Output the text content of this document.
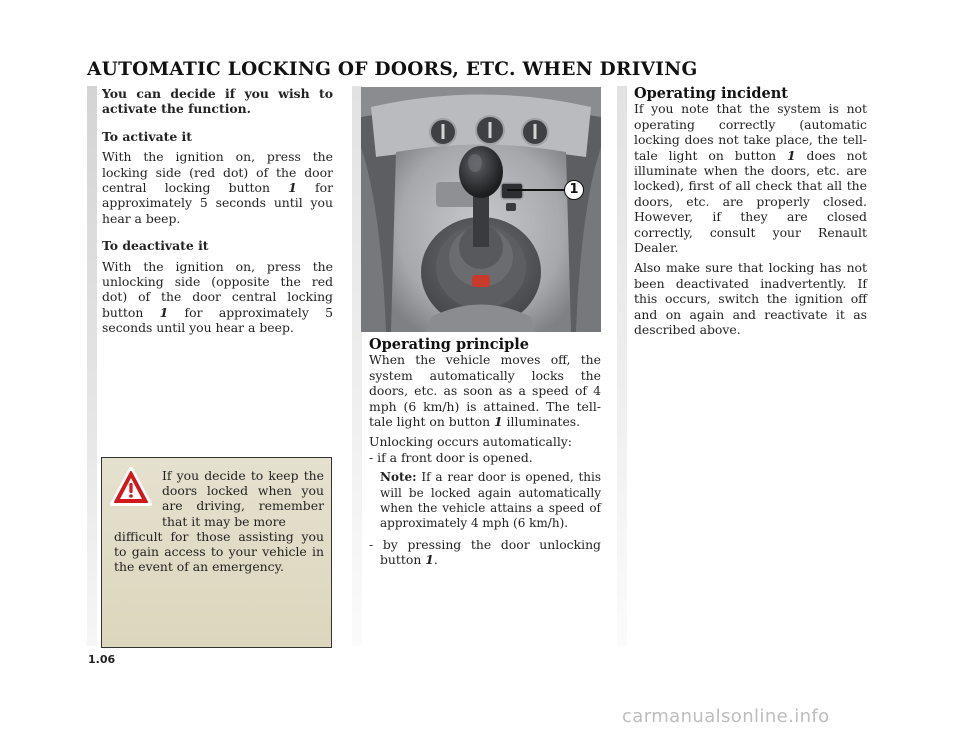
AUTOMATIC LOCKING OF DOORS, ETC. WHEN DRIVING

You can decide if you wish to activate the function.

To activate it

With the ignition on, press the locking side (red dot) of the door central locking button 1 for approximately 5 seconds until you hear a beep.

To deactivate it

With the ignition on, press the unlocking side (opposite the red dot) of the door central locking button 1 for approximately 5 seconds until you hear a beep.

If you decide to keep the doors locked when you are driving, remember that it may be more
difficult for those assisting you to gain access to your vehicle in the event of an emergency.
1

Operating principle

When the vehicle moves off, the system automatically locks the doors, etc. as soon as a speed of 4 mph (6 km/h) is attained. The tell-tale light on button 1 illuminates.

Unlocking occurs automatically:

- if a front door is opened.

Note: If a rear door is opened, this will be locked again automatically when the vehicle attains a speed of approximately 4 mph (6 km/h).

- by pressing the door unlocking button 1.

Operating incident

If you note that the system is not operating correctly (automatic locking does not take place, the tell-tale light on button 1 does not illuminate when the doors, etc. are locked), first of all check that all the doors, etc. are properly closed. However, if they are closed correctly, consult your Renault Dealer.

Also make sure that locking has not been deactivated inadvertently. If this occurs, switch the ignition off and on again and reactivate it as described above.

1.06
carmanualsonline.info
